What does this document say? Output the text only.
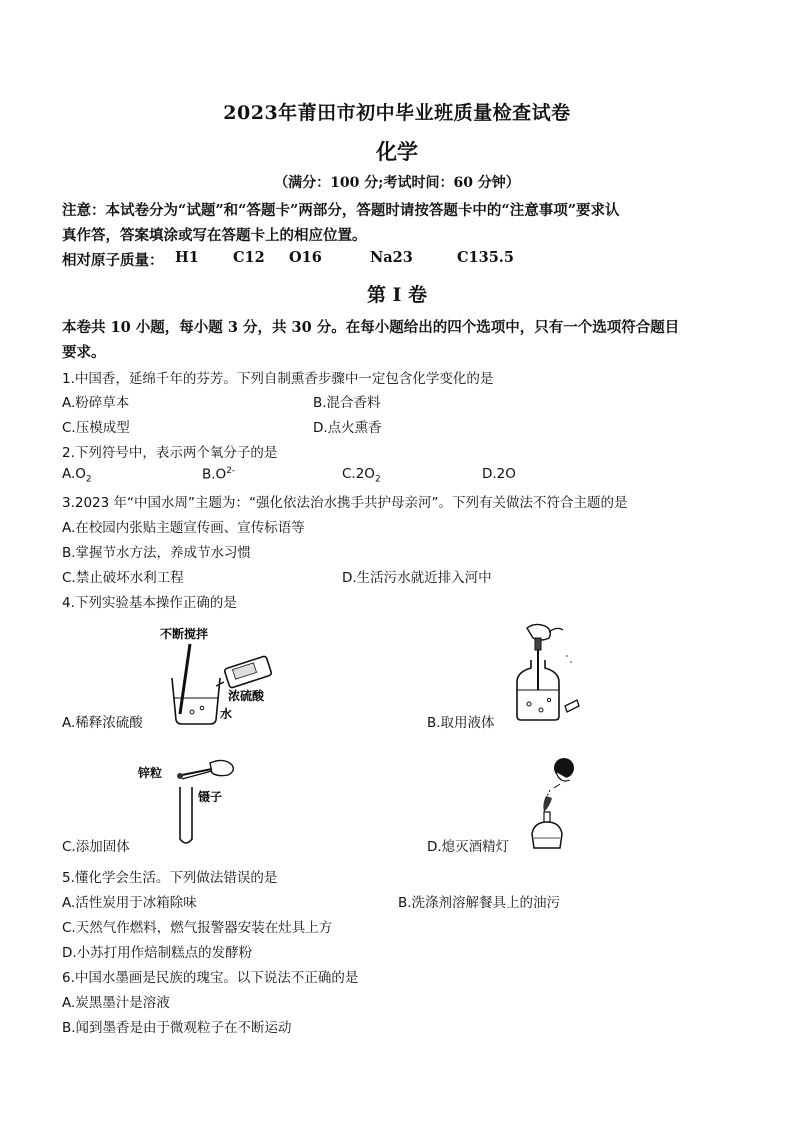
2023年莆田市初中毕业班质量检查试卷
化学
（满分：100 分;考试时间：60 分钟）
注意：本试卷分为“试题”和“答题卡”两部分，答题时请按答题卡中的“注意事项”要求认
真作答，答案填涂或写在答题卡上的相应位置。
相对原子质量： H1 C12 O16	Na23	C135.5
第 I 卷
本卷共 10 小题，每小题 3 分，共 30 分。在每小题给出的四个选项中，只有一个选项符合题目
要求。
1.中国香，延绵千年的芬芳。下列自制熏香步骤中一定包含化学变化的是
A.粉碎草本	B.混合香料
C.压模成型	D.点火熏香
2.下列符号中，表示两个氧分子的是
$A.O_2$	$B.O^{2-}$	$C.2O_2$	D.2O
3.2023 年“中国水周”主题为：“强化依法治水携手共护母亲河”。下列有关做法不符合主题的是
A.在校园内张贴主题宣传画、宣传标语等
B.掌握节水方法，养成节水习惯
C.禁止破坏水利工程	D.生活污水就近排入河中
4.下列实验基本操作正确的是
不断搅拌
浓硫酸
水
A.稀释浓硫酸	B.取用液体
锌粒
镊子
C.添加固体	D.熄灭酒精灯
5.懂化学会生活。下列做法错误的是
A.活性炭用于冰箱除味	B.洗涤剂溶解餐具上的油污
C.天然气作燃料，燃气报警器安装在灶具上方
D.小苏打用作焙制糕点的发酵粉
6.中国水墨画是民族的瑰宝。以下说法不正确的是
A.炭黑墨汁是溶液
B.闻到墨香是由于微观粒子在不断运动
